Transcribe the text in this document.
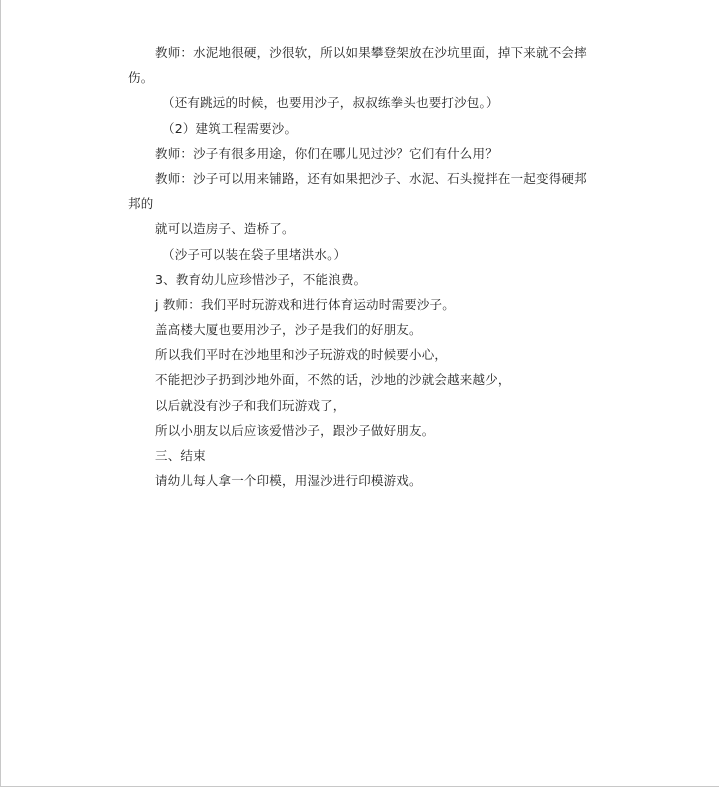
教师：水泥地很硬，沙很软，所以如果攀登架放在沙坑里面，掉下来就不会摔
伤。
（还有跳远的时候，也要用沙子，叔叔练拳头也要打沙包。）
（2）建筑工程需要沙。
教师：沙子有很多用途，你们在哪儿见过沙？它们有什么用？
教师：沙子可以用来铺路，还有如果把沙子、水泥、石头搅拌在一起变得硬邦
邦的
就可以造房子、造桥了。
（沙子可以装在袋子里堵洪水。）
3、教育幼儿应珍惜沙子，不能浪费。
j 教师：我们平时玩游戏和进行体育运动时需要沙子。
盖高楼大厦也要用沙子，沙子是我们的好朋友。
所以我们平时在沙地里和沙子玩游戏的时候要小心，
不能把沙子扔到沙地外面，不然的话，沙地的沙就会越来越少，
以后就没有沙子和我们玩游戏了，
所以小朋友以后应该爱惜沙子，跟沙子做好朋友。
三、结束
请幼儿每人拿一个印模，用湿沙进行印模游戏。
